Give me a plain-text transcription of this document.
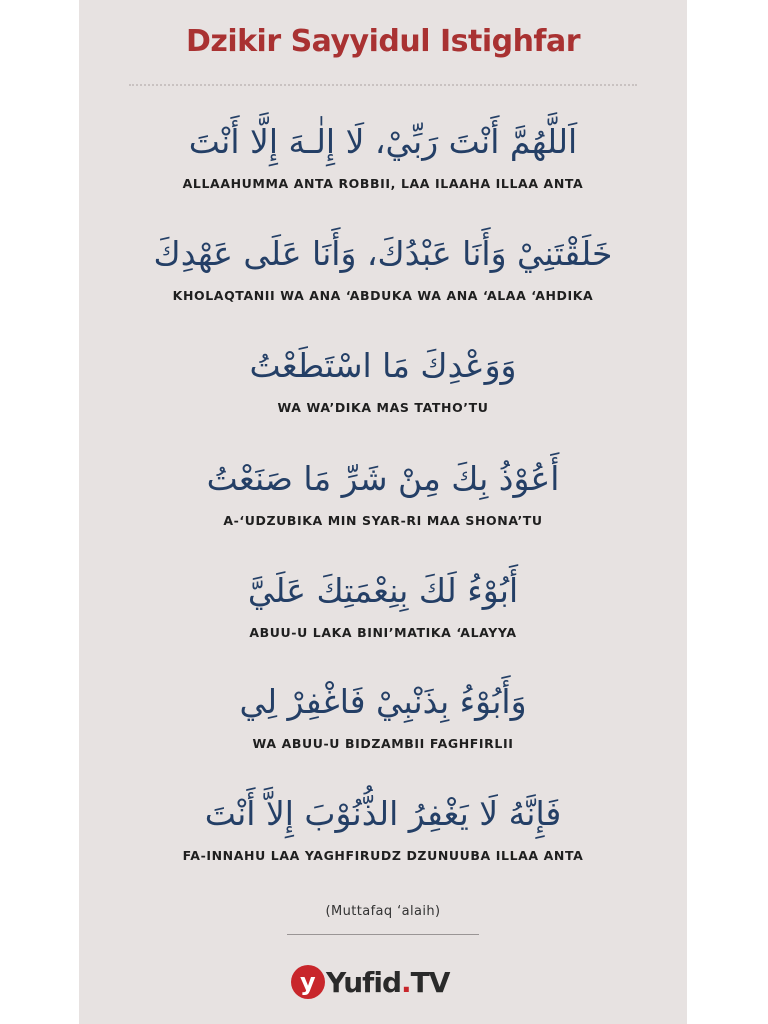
Dzikir Sayyidul Istighfar
اَللَّهُمَّ أَنْتَ رَبِّيْ، لَا إِلٰـهَ إِلَّا أَنْتَ
ALLAAHUMMA ANTA ROBBII, LAA ILAAHA ILLAA ANTA
خَلَقْتَنِيْ وَأَنَا عَبْدُكَ، وَأَنَا عَلَى عَهْدِكَ
KHOLAQTANII WA ANA ‘ABDUKA WA ANA ‘ALAA ‘AHDIKA
وَوَعْدِكَ مَا اسْتَطَعْتُ
WA WA’DIKA MAS TATHO’TU
أَعُوْذُ بِكَ مِنْ شَرِّ مَا صَنَعْتُ
A-‘UDZUBIKA MIN SYAR-RI MAA SHONA’TU
أَبُوْءُ لَكَ بِنِعْمَتِكَ عَلَيَّ
ABUU-U LAKA BINI’MATIKA ‘ALAYYA
وَأَبُوْءُ بِذَنْبِيْ فَاغْفِرْ لِي
WA ABUU-U BIDZAMBII FAGHFIRLII
فَإِنَّهُ لَا يَغْفِرُ الذُّنُوْبَ إِلاَّ أَنْتَ
FA-INNAHU LAA YAGHFIRUDZ DZUNUUBA ILLAA ANTA
(Muttafaq ‘alaih)
y Yufid.TV
